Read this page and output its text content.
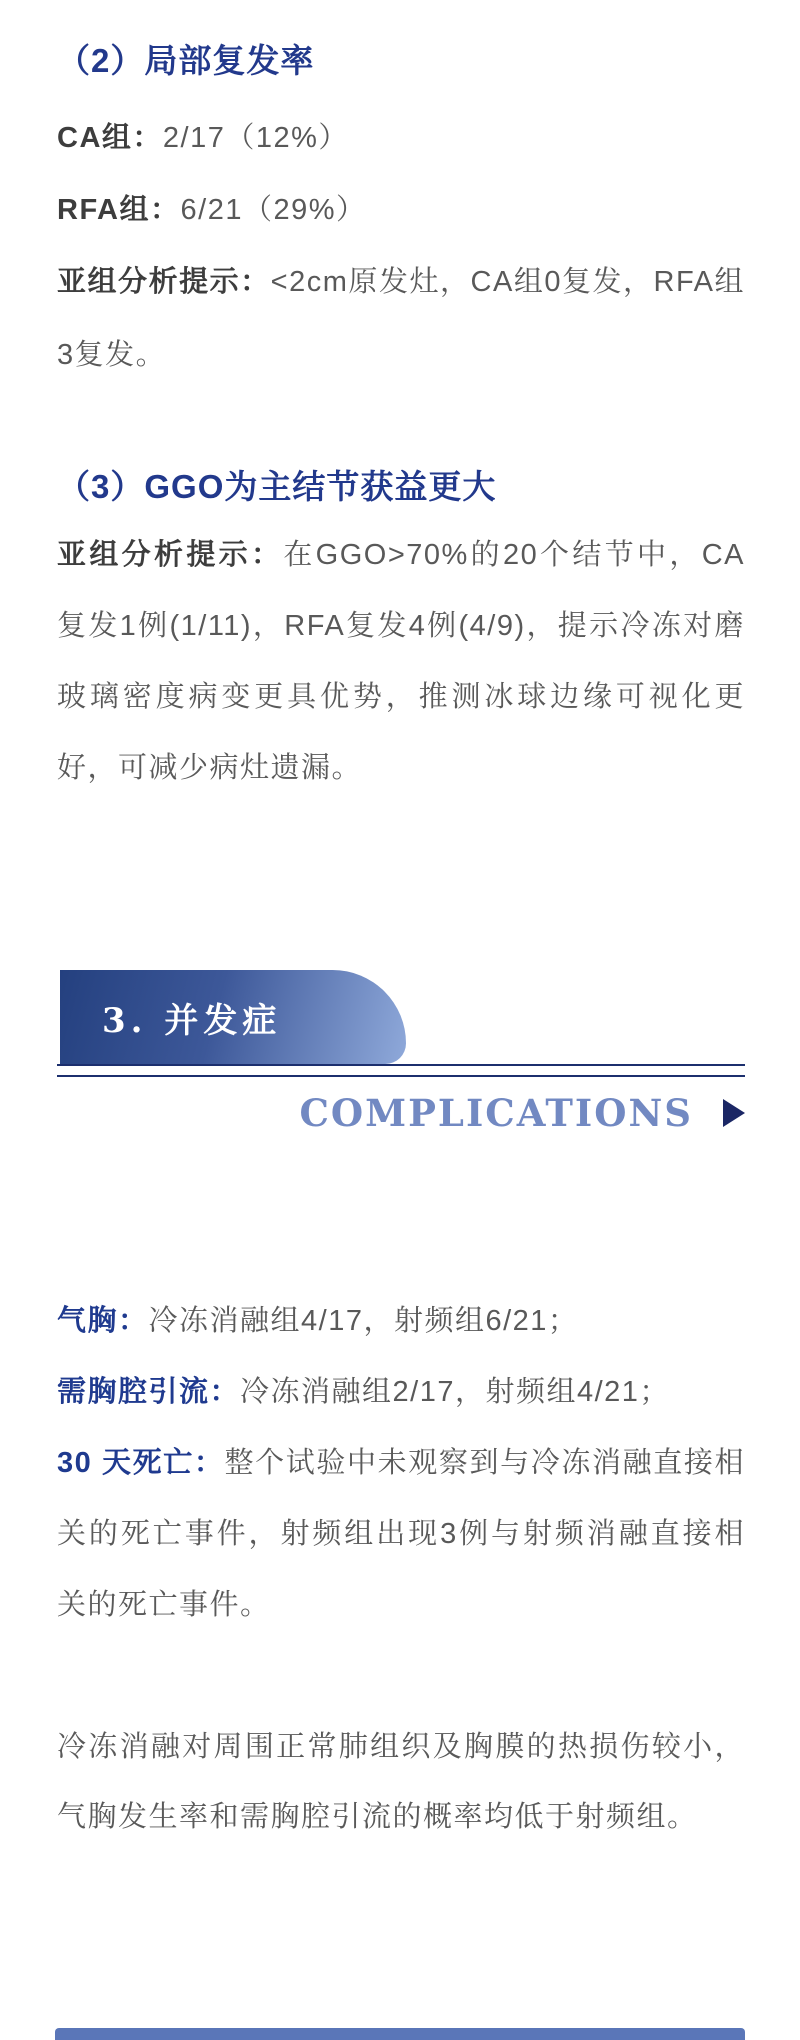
（2）局部复发率

CA组：2/17（12%）

RFA组：6/21（29%）

亚组分析提示：<2cm原发灶，CA组0复发，RFA组3复发。

（3）GGO为主结节获益更大

亚组分析提示：在GGO>70%的20个结节中，CA复发1例(1/11)，RFA复发4例(4/9)，提示冷冻对磨玻璃密度病变更具优势，推测冰球边缘可视化更好，可减少病灶遗漏。

3. 并发症
COMPLICATIONS

气胸：冷冻消融组4/17，射频组6/21；

需胸腔引流：冷冻消融组2/17，射频组4/21；

30 天死亡：整个试验中未观察到与冷冻消融直接相关的死亡事件，射频组出现3例与射频消融直接相关的死亡事件。

冷冻消融对周围正常肺组织及胸膜的热损伤较小，气胸发生率和需胸腔引流的概率均低于射频组。
